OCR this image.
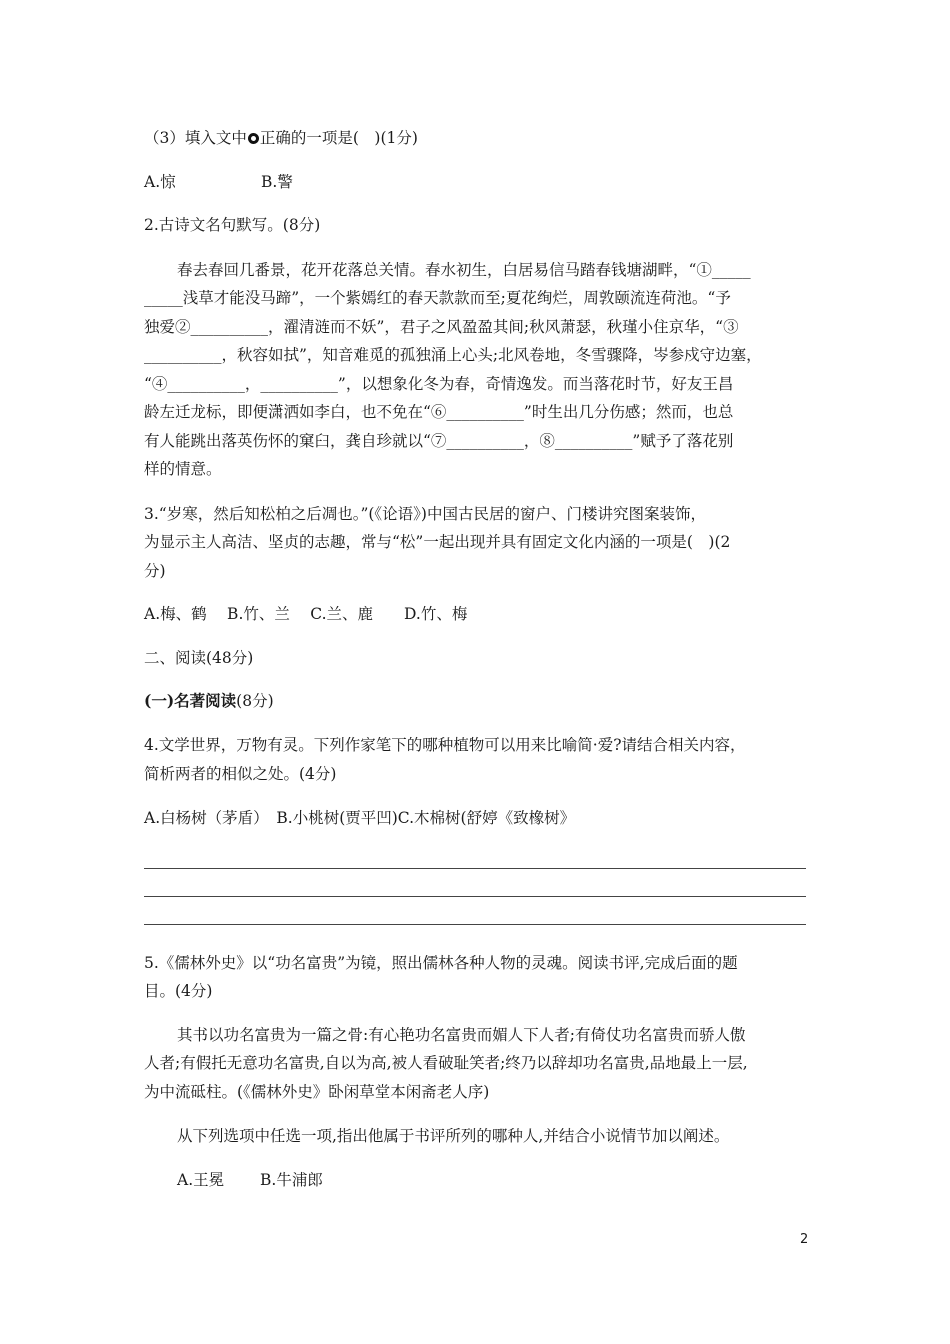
（3）填入文中 正确的一项是(　)(1分)
A.惊	B.警
2.古诗文名句默写。(8分)
春去春回几番景，花开花落总关情。春水初生，白居易信马踏春钱塘湖畔，“①_____
_____浅草才能没马蹄”，一个紫嫣红的春天款款而至;夏花绚烂，周敦颐流连荷池。“予
独爱②__________，濯清涟而不妖”，君子之风盈盈其间;秋风萧瑟，秋瑾小住京华，“③
__________，秋容如拭”，知音难觅的孤独涌上心头;北风卷地，冬雪骤降，岑参戍守边塞，
“④__________，__________”，以想象化冬为春，奇情逸发。而当落花时节，好友王昌
龄左迁龙标，即便潇洒如李白，也不免在“⑥__________”时生出几分伤感；然而，也总
有人能跳出落英伤怀的窠臼，龚自珍就以“⑦__________，⑧__________”赋予了落花别
样的情意。
3.“岁寒，然后知松柏之后凋也。”(《论语》)中国古民居的窗户、门楼讲究图案装饰，
为显示主人高洁、坚贞的志趣，常与“松”一起出现并具有固定文化内涵的一项是(　)(2
分)
A.梅、鹤　 B.竹、兰　 C.兰、鹿　　D.竹、梅
二、阅读(48分)
(一)名著阅读(8分)
4.文学世界，万物有灵。下列作家笔下的哪种植物可以用来比喻简·爱?请结合相关内容，
简析两者的相似之处。(4分)
A.白杨树（茅盾）　B.小桃树(贾平凹)C.木棉树(舒婷《致橡树》
5.《儒林外史》以“功名富贵”为镜，照出儒林各种人物的灵魂。阅读书评,完成后面的题
目。(4分)
其书以功名富贵为一篇之骨:有心艳功名富贵而媚人下人者;有倚仗功名富贵而骄人傲
人者;有假托无意功名富贵,自以为高,被人看破耻笑者;终乃以辞却功名富贵,品地最上一层,
为中流砥柱。(《儒林外史》卧闲草堂本闲斋老人序)
从下列选项中任选一项,指出他属于书评所列的哪种人,并结合小说情节加以阐述。
A.王冕 B.牛浦郎
2
